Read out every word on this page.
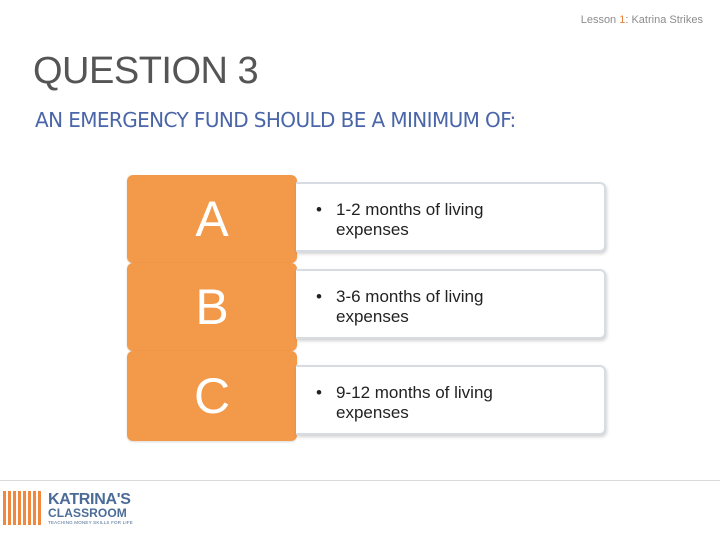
Lesson 1: Katrina Strikes
QUESTION 3
AN EMERGENCY FUND SHOULD BE A MINIMUM OF:
A	• 1-2 months of living
expenses
B	• 3-6 months of living
expenses
C	• 9-12 months of living
expenses
KATRINA'S
CLASSROOM
TEACHING MONEY SKILLS FOR LIFE
